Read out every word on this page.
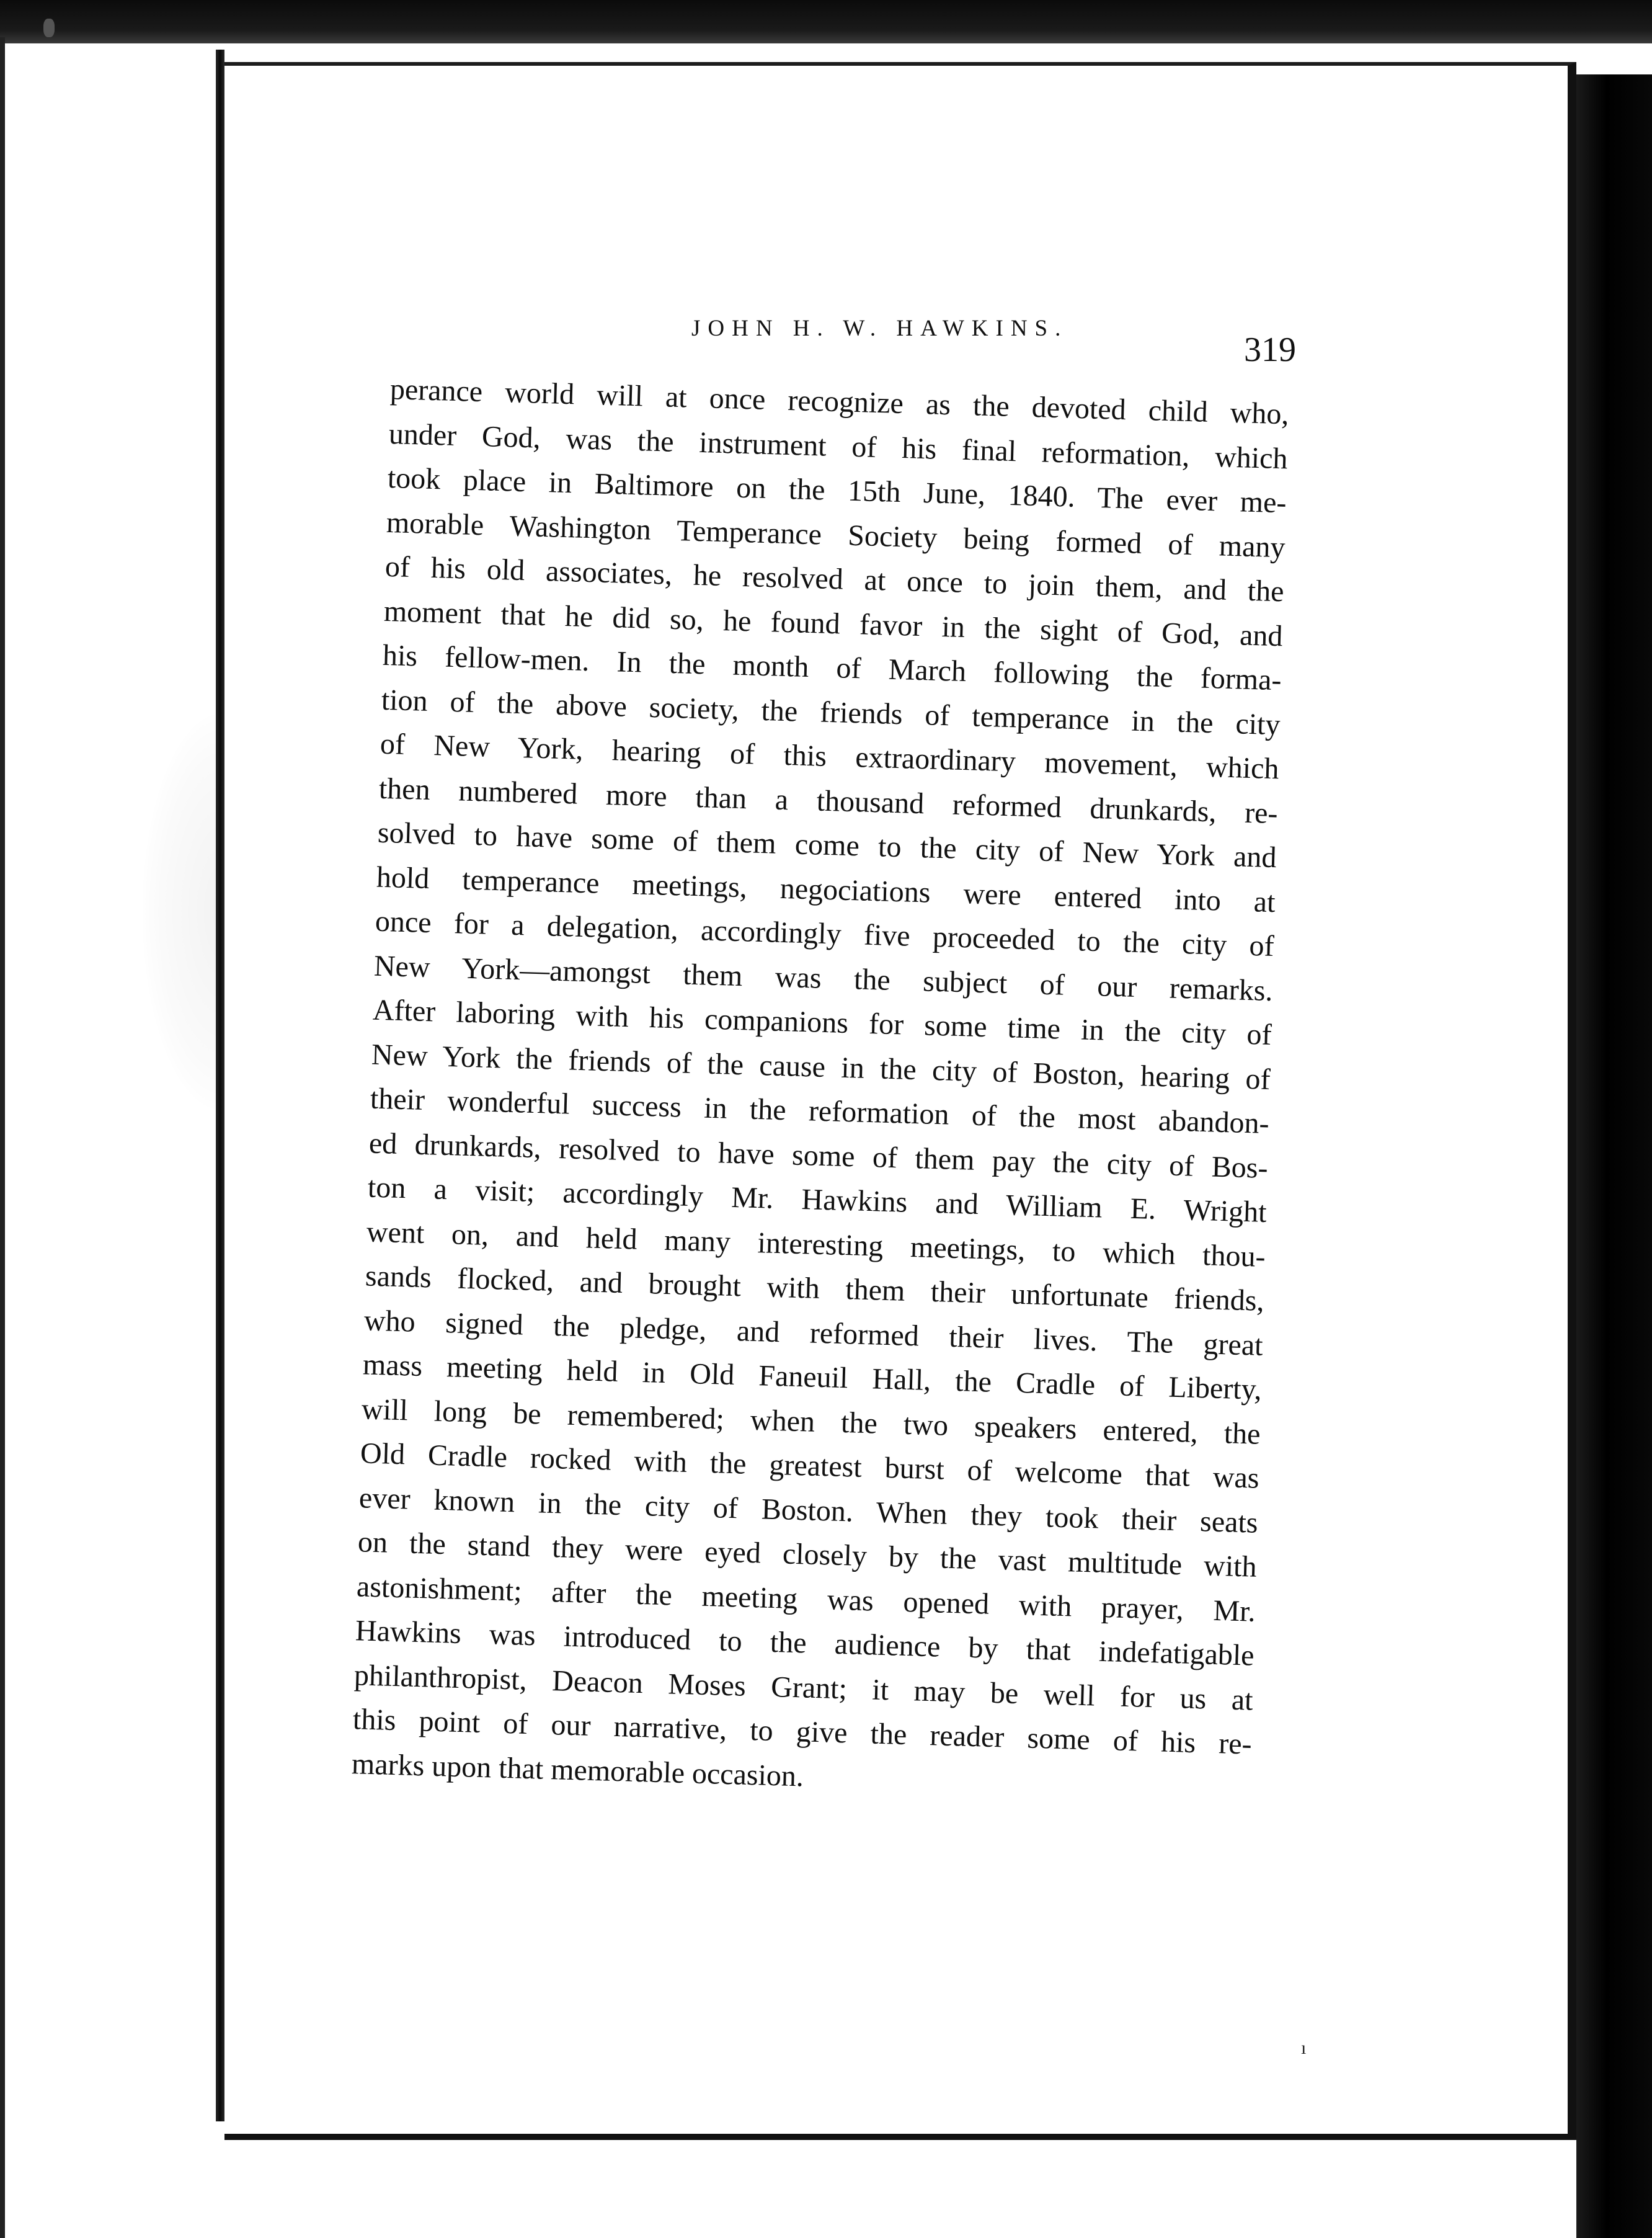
JOHN H. W. HAWKINS.
319
perance world will at once recognize as the devoted child who,
under God, was the instrument of his final reformation, which
took place in Baltimore on the 15th June, 1840. The ever me-
morable Washington Temperance Society being formed of many
of his old associates, he resolved at once to join them, and the
moment that he did so, he found favor in the sight of God, and
his fellow-men. In the month of March following the forma-
tion of the above society, the friends of temperance in the city
of New York, hearing of this extraordinary movement, which
then numbered more than a thousand reformed drunkards, re-
solved to have some of them come to the city of New York and
hold temperance meetings, negociations were entered into at
once for a delegation, accordingly five proceeded to the city of
New York—amongst them was the subject of our remarks.
After laboring with his companions for some time in the city of
New York the friends of the cause in the city of Boston, hearing of
their wonderful success in the reformation of the most abandon-
ed drunkards, resolved to have some of them pay the city of Bos-
ton a visit; accordingly Mr. Hawkins and William E. Wright
went on, and held many interesting meetings, to which thou-
sands flocked, and brought with them their unfortunate friends,
who signed the pledge, and reformed their lives. The great
mass meeting held in Old Faneuil Hall, the Cradle of Liberty,
will long be remembered; when the two speakers entered, the
Old Cradle rocked with the greatest burst of welcome that was
ever known in the city of Boston. When they took their seats
on the stand they were eyed closely by the vast multitude with
astonishment; after the meeting was opened with prayer, Mr.
Hawkins was introduced to the audience by that indefatigable
philanthropist, Deacon Moses Grant; it may be well for us at
this point of our narrative, to give the reader some of his re-
marks upon that memorable occasion.
ı
